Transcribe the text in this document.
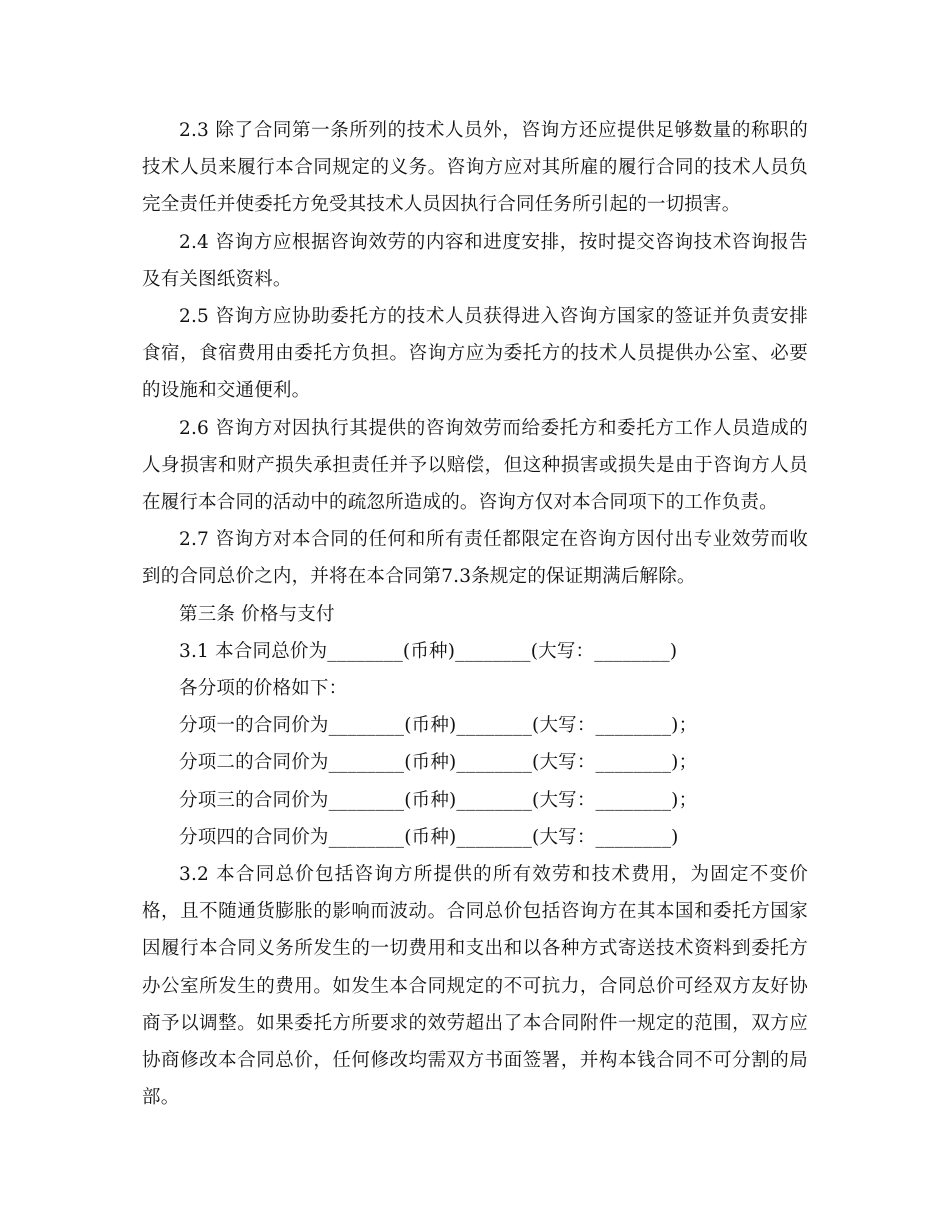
2.3 除了合同第一条所列的技术人员外，咨询方还应提供足够数量的称职的技术人员来履行本合同规定的义务。咨询方应对其所雇的履行合同的技术人员负完全责任并使委托方免受其技术人员因执行合同任务所引起的一切损害。

2.4 咨询方应根据咨询效劳的内容和进度安排，按时提交咨询技术咨询报告及有关图纸资料。

2.5 咨询方应协助委托方的技术人员获得进入咨询方国家的签证并负责安排食宿，食宿费用由委托方负担。咨询方应为委托方的技术人员提供办公室、必要的设施和交通便利。

2.6 咨询方对因执行其提供的咨询效劳而给委托方和委托方工作人员造成的人身损害和财产损失承担责任并予以赔偿，但这种损害或损失是由于咨询方人员在履行本合同的活动中的疏忽所造成的。咨询方仅对本合同项下的工作负责。

2.7 咨询方对本合同的任何和所有责任都限定在咨询方因付出专业效劳而收到的合同总价之内，并将在本合同第7.3条规定的保证期满后解除。

第三条 价格与支付

3.1 本合同总价为________(币种)________(大写：________)

各分项的价格如下：

分项一的合同价为________(币种)________(大写：________)；

分项二的合同价为________(币种)________(大写：________)；

分项三的合同价为________(币种)________(大写：________)；

分项四的合同价为________(币种)________(大写：________)

3.2 本合同总价包括咨询方所提供的所有效劳和技术费用，为固定不变价格，且不随通货膨胀的影响而波动。合同总价包括咨询方在其本国和委托方国家因履行本合同义务所发生的一切费用和支出和以各种方式寄送技术资料到委托方办公室所发生的费用。如发生本合同规定的不可抗力，合同总价可经双方友好协商予以调整。如果委托方所要求的效劳超出了本合同附件一规定的范围，双方应协商修改本合同总价，任何修改均需双方书面签署，并构本钱合同不可分割的局部。
